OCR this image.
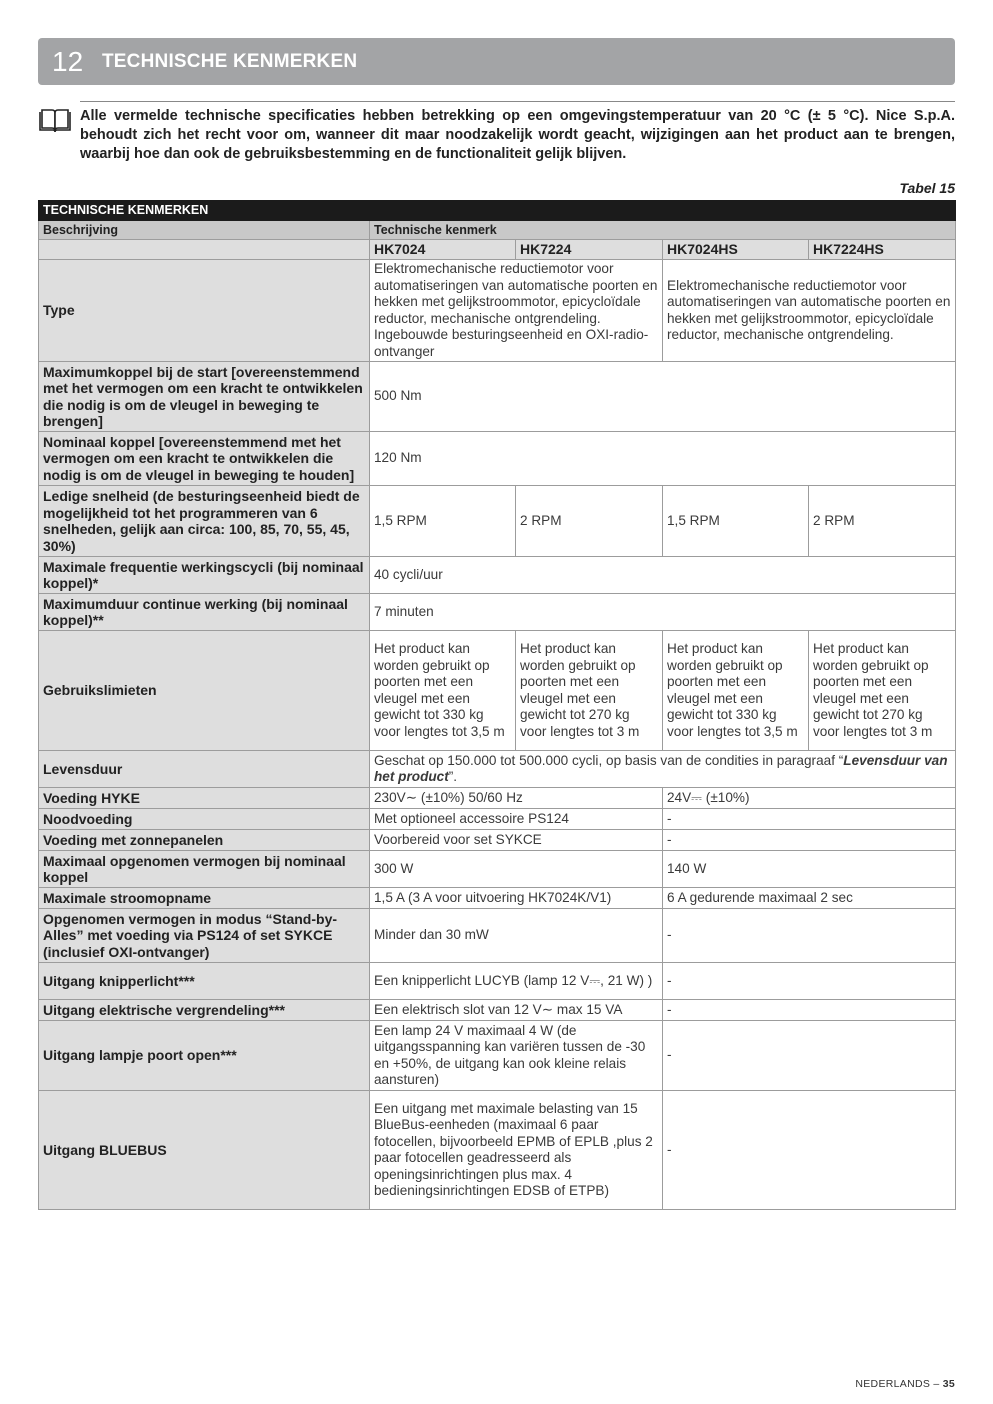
12 TECHNISCHE KENMERKEN
Alle vermelde technische specificaties hebben betrekking op een omgevingstemperatuur van 20 °C (± 5 °C). Nice S.p.A. behoudt zich het recht voor om, wanneer dit maar noodzakelijk wordt geacht, wijzigingen aan het product aan te brengen, waarbij hoe dan ook de gebruiksbestemming en de functionaliteit gelijk blijven.
Tabel 15
TECHNISCHE KENMERKEN				
Beschrijving	Technische kenmerk			
	HK7024	HK7224	HK7024HS	HK7224HS
Type	Elektromechanische reductiemotor voor automatiseringen van automatische poorten en hekken met gelijkstroommotor, epicycloïdale reductor, mechanische ontgrendeling. Ingebouwde besturingseenheid en OXI-radio-ontvanger		Elektromechanische reductiemotor voor automatiseringen van automatische poorten en hekken met gelijkstroommotor, epicycloïdale reductor, mechanische ontgrendeling.	
Maximumkoppel bij de start [overeenstemmend met het vermogen om een kracht te ontwikkelen die nodig is om de vleugel in beweging te brengen]	500 Nm			
Nominaal koppel [overeenstemmend met het vermogen om een kracht te ontwikkelen die nodig is om de vleugel in beweging te houden]	120 Nm			
Ledige snelheid (de besturingseenheid biedt de mogelijkheid tot het programmeren van 6 snelheden, gelijk aan circa: 100, 85, 70, 55, 45, 30%)	1,5 RPM	2 RPM	1,5 RPM	2 RPM
Maximale frequentie werkingscycli (bij nominaal koppel)*	40 cycli/uur			
Maximumduur continue werking (bij nominaal koppel)**	7 minuten			
Gebruikslimieten	Het product kan worden gebruikt op poorten met een vleugel met een gewicht tot 330 kg voor lengtes tot 3,5 m	Het product kan worden gebruikt op poorten met een vleugel met een gewicht tot 270 kg voor lengtes tot 3 m	Het product kan worden gebruikt op poorten met een vleugel met een gewicht tot 330 kg voor lengtes tot 3,5 m	Het product kan worden gebruikt op poorten met een vleugel met een gewicht tot 270 kg voor lengtes tot 3 m
Levensduur	Geschat op 150.000 tot 500.000 cycli, op basis van de condities in paragraaf “Levensduur van het product”.			
Voeding HYKE	230V∼ (±10%) 50/60 Hz		24V⎓ (±10%)	
Noodvoeding	Met optioneel accessoire PS124		-	
Voeding met zonnepanelen	Voorbereid voor set SYKCE		-	
Maximaal opgenomen vermogen bij nominaal koppel	300 W		140 W	
Maximale stroomopname	1,5 A (3 A voor uitvoering HK7024K/V1)		6 A gedurende maximaal 2 sec	
Opgenomen vermogen in modus “Stand-by-Alles” met voeding via PS124 of set SYKCE (inclusief OXI-ontvanger)	Minder dan 30 mW		-	
Uitgang knipperlicht***	Een knipperlicht LUCYB (lamp 12 V⎓, 21 W) )		-	
Uitgang elektrische vergrendeling***	Een elektrisch slot van 12 V∼ max 15 VA		-	
Uitgang lampje poort open***	Een lamp 24 V maximaal 4 W (de uitgangsspanning kan variëren tussen de -30 en +50%, de uitgang kan ook kleine relais aansturen)		-	
Uitgang BLUEBUS	Een uitgang met maximale belasting van 15 BlueBus-eenheden (maximaal 6 paar fotocellen, bijvoorbeeld EPMB of EPLB ,plus 2 paar fotocellen geadresseerd als openingsinrichtingen plus max. 4 bedieningsinrichtingen EDSB of ETPB)		-	
NEDERLANDS – 35
